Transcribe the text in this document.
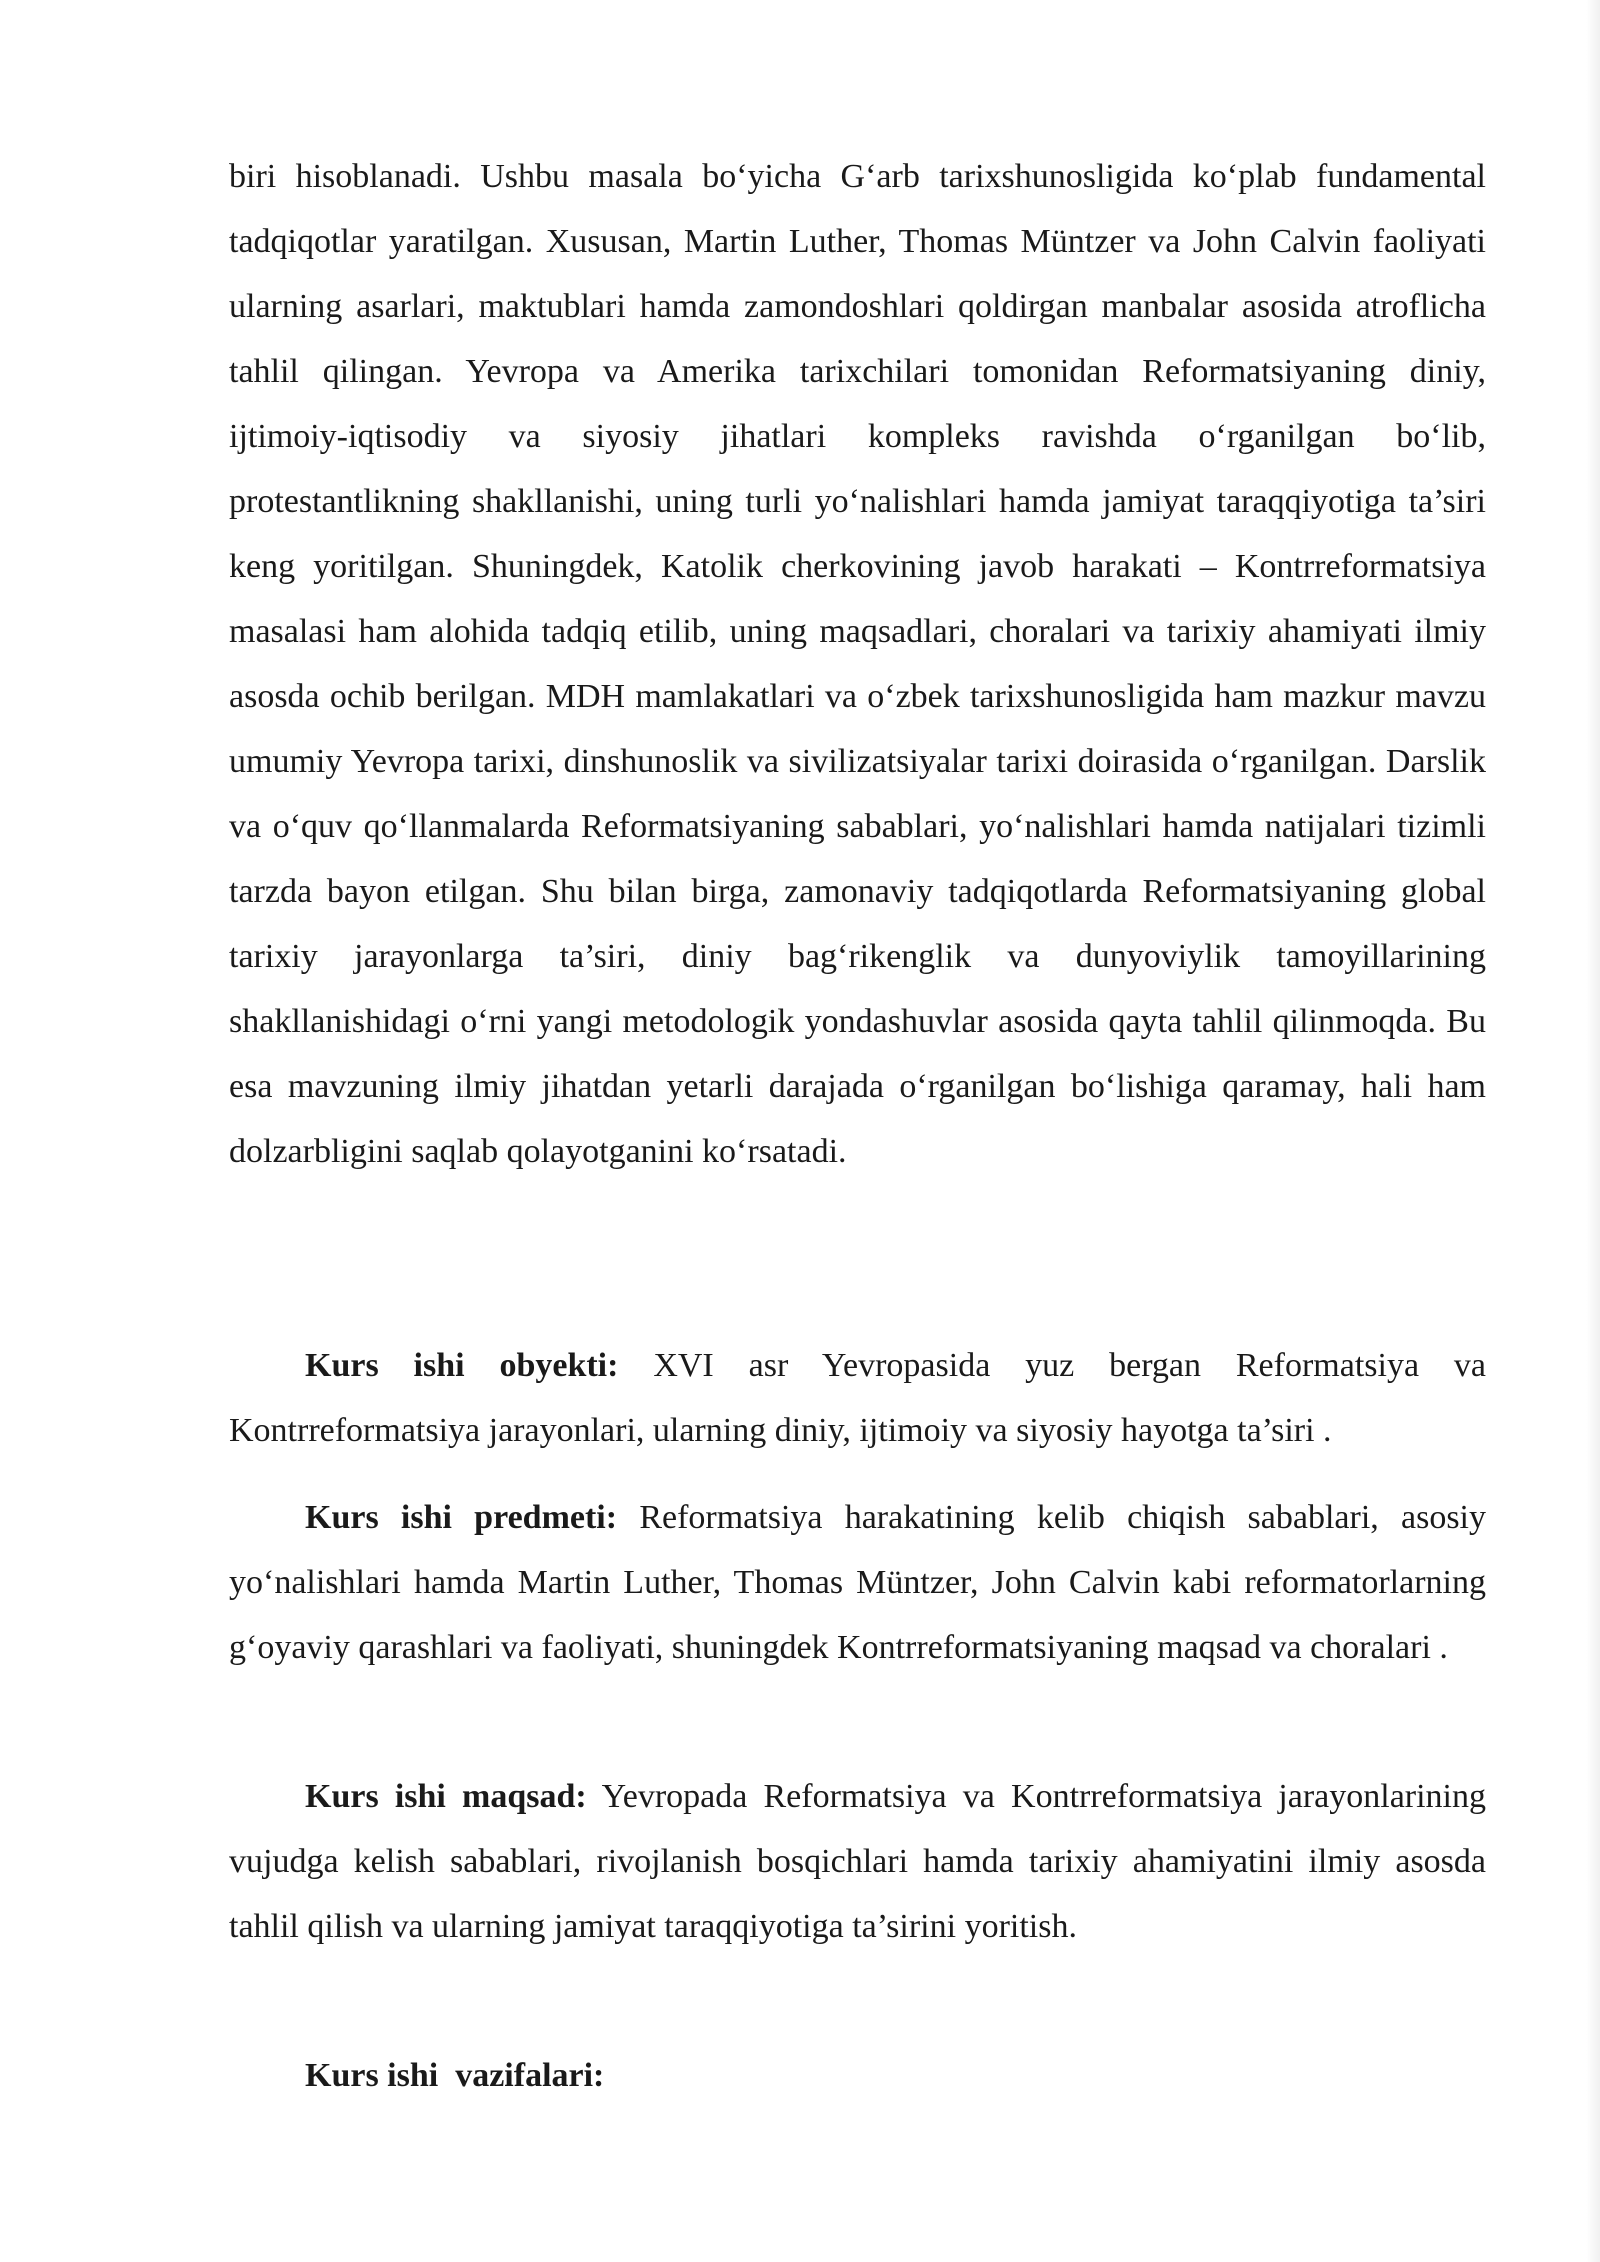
biri hisoblanadi. Ushbu masala bo‘yicha G‘arb tarixshunosligida ko‘plab fundamental tadqiqotlar yaratilgan. Xususan, Martin Luther, Thomas Müntzer va John Calvin faoliyati ularning asarlari, maktublari hamda zamondoshlari qoldirgan manbalar asosida atroflicha tahlil qilingan. Yevropa va Amerika tarixchilari tomonidan Reformatsiyaning diniy, ijtimoiy-iqtisodiy va siyosiy jihatlari kompleks ravishda o‘rganilgan bo‘lib, protestantlikning shakllanishi, uning turli yo‘nalishlari hamda jamiyat taraqqiyotiga ta’siri keng yoritilgan. Shuningdek, Katolik cherkovining javob harakati – Kontrreformatsiya masalasi ham alohida tadqiq etilib, uning maqsadlari, choralari va tarixiy ahamiyati ilmiy asosda ochib berilgan. MDH mamlakatlari va o‘zbek tarixshunosligida ham mazkur mavzu umumiy Yevropa tarixi, dinshunoslik va sivilizatsiyalar tarixi doirasida o‘rganilgan. Darslik va o‘quv qo‘llanmalarda Reformatsiyaning sabablari, yo‘nalishlari hamda natijalari tizimli tarzda bayon etilgan. Shu bilan birga, zamonaviy tadqiqotlarda Reformatsiyaning global tarixiy jarayonlarga ta’siri, diniy bag‘rikenglik va dunyoviylik tamoyillarining shakllanishidagi o‘rni yangi metodologik yondashuvlar asosida qayta tahlil qilinmoqda. Bu esa mavzuning ilmiy jihatdan yetarli darajada o‘rganilgan bo‘lishiga qaramay, hali ham dolzarbligini saqlab qolayotganini ko‘rsatadi.

Kurs ishi obyekti: XVI asr Yevropasida yuz bergan Reformatsiya va Kontrreformatsiya jarayonlari, ularning diniy, ijtimoiy va siyosiy hayotga ta’siri .

Kurs ishi predmeti: Reformatsiya harakatining kelib chiqish sabablari, asosiy yo‘nalishlari hamda Martin Luther, Thomas Müntzer, John Calvin kabi reformatorlarning g‘oyaviy qarashlari va faoliyati, shuningdek Kontrreformatsiyaning maqsad va choralari .

Kurs ishi maqsad: Yevropada Reformatsiya va Kontrreformatsiya jarayonlarining vujudga kelish sabablari, rivojlanish bosqichlari hamda tarixiy ahamiyatini ilmiy asosda tahlil qilish va ularning jamiyat taraqqiyotiga ta’sirini yoritish.

Kurs ishi  vazifalari:
